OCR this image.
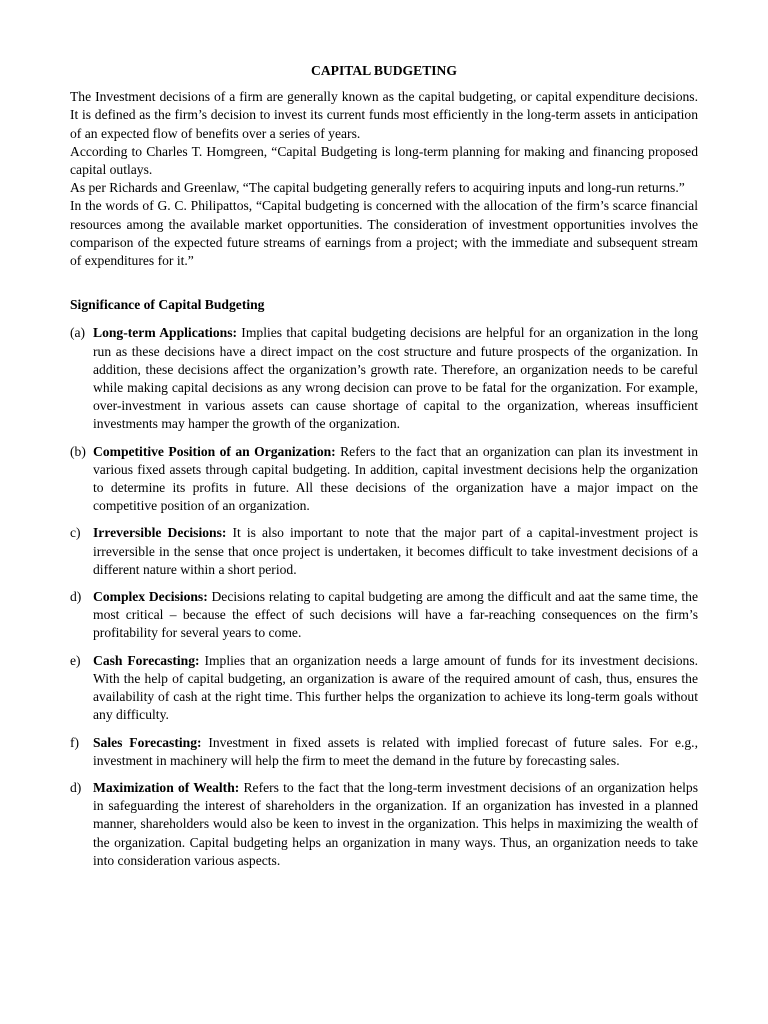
CAPITAL BUDGETING

The Investment decisions of a firm are generally known as the capital budgeting, or capital expenditure decisions. It is defined as the firm’s decision to invest its current funds most efficiently in the long-term assets in anticipation of an expected flow of benefits over a series of years.

According to Charles T. Homgreen, “Capital Budgeting is long-term planning for making and financing proposed capital outlays.

As per Richards and Greenlaw, “The capital budgeting generally refers to acquiring inputs and long-run returns.”

In the words of G. C. Philipattos, “Capital budgeting is concerned with the allocation of the firm’s scarce financial resources among the available market opportunities. The consideration of investment opportunities involves the comparison of the expected future streams of earnings from a project; with the immediate and subsequent stream of expenditures for it.”

Significance of Capital Budgeting
(a) Long-term Applications: Implies that capital budgeting decisions are helpful for an organization in the long run as these decisions have a direct impact on the cost structure and future prospects of the organization. In addition, these decisions affect the organization’s growth rate. Therefore, an organization needs to be careful while making capital decisions as any wrong decision can prove to be fatal for the organization. For example, over-investment in various assets can cause shortage of capital to the organization, whereas insufficient investments may hamper the growth of the organization.
(b) Competitive Position of an Organization: Refers to the fact that an organization can plan its investment in various fixed assets through capital budgeting. In addition, capital investment decisions help the organization to determine its profits in future. All these decisions of the organization have a major impact on the competitive position of an organization.
c) Irreversible Decisions: It is also important to note that the major part of a capital-investment project is irreversible in the sense that once project is undertaken, it becomes difficult to take investment decisions of a different nature within a short period.
d) Complex Decisions: Decisions relating to capital budgeting are among the difficult and aat the same time, the most critical – because the effect of such decisions will have a far-reaching consequences on the firm’s profitability for several years to come.
e) Cash Forecasting: Implies that an organization needs a large amount of funds for its investment decisions. With the help of capital budgeting, an organization is aware of the required amount of cash, thus, ensures the availability of cash at the right time. This further helps the organization to achieve its long-term goals without any difficulty.
f)	Sales Forecasting: Investment in fixed assets is related with implied forecast of future sales. For e.g., investment in machinery will help the firm to meet the demand in the future by forecasting sales.
d) Maximization of Wealth: Refers to the fact that the long-term investment decisions of an organization helps in safeguarding the interest of shareholders in the organization. If an organization has invested in a planned manner, shareholders would also be keen to invest in the organization. This helps in maximizing the wealth of the organization. Capital budgeting helps an organization in many ways. Thus, an organization needs to take into consideration various aspects.
